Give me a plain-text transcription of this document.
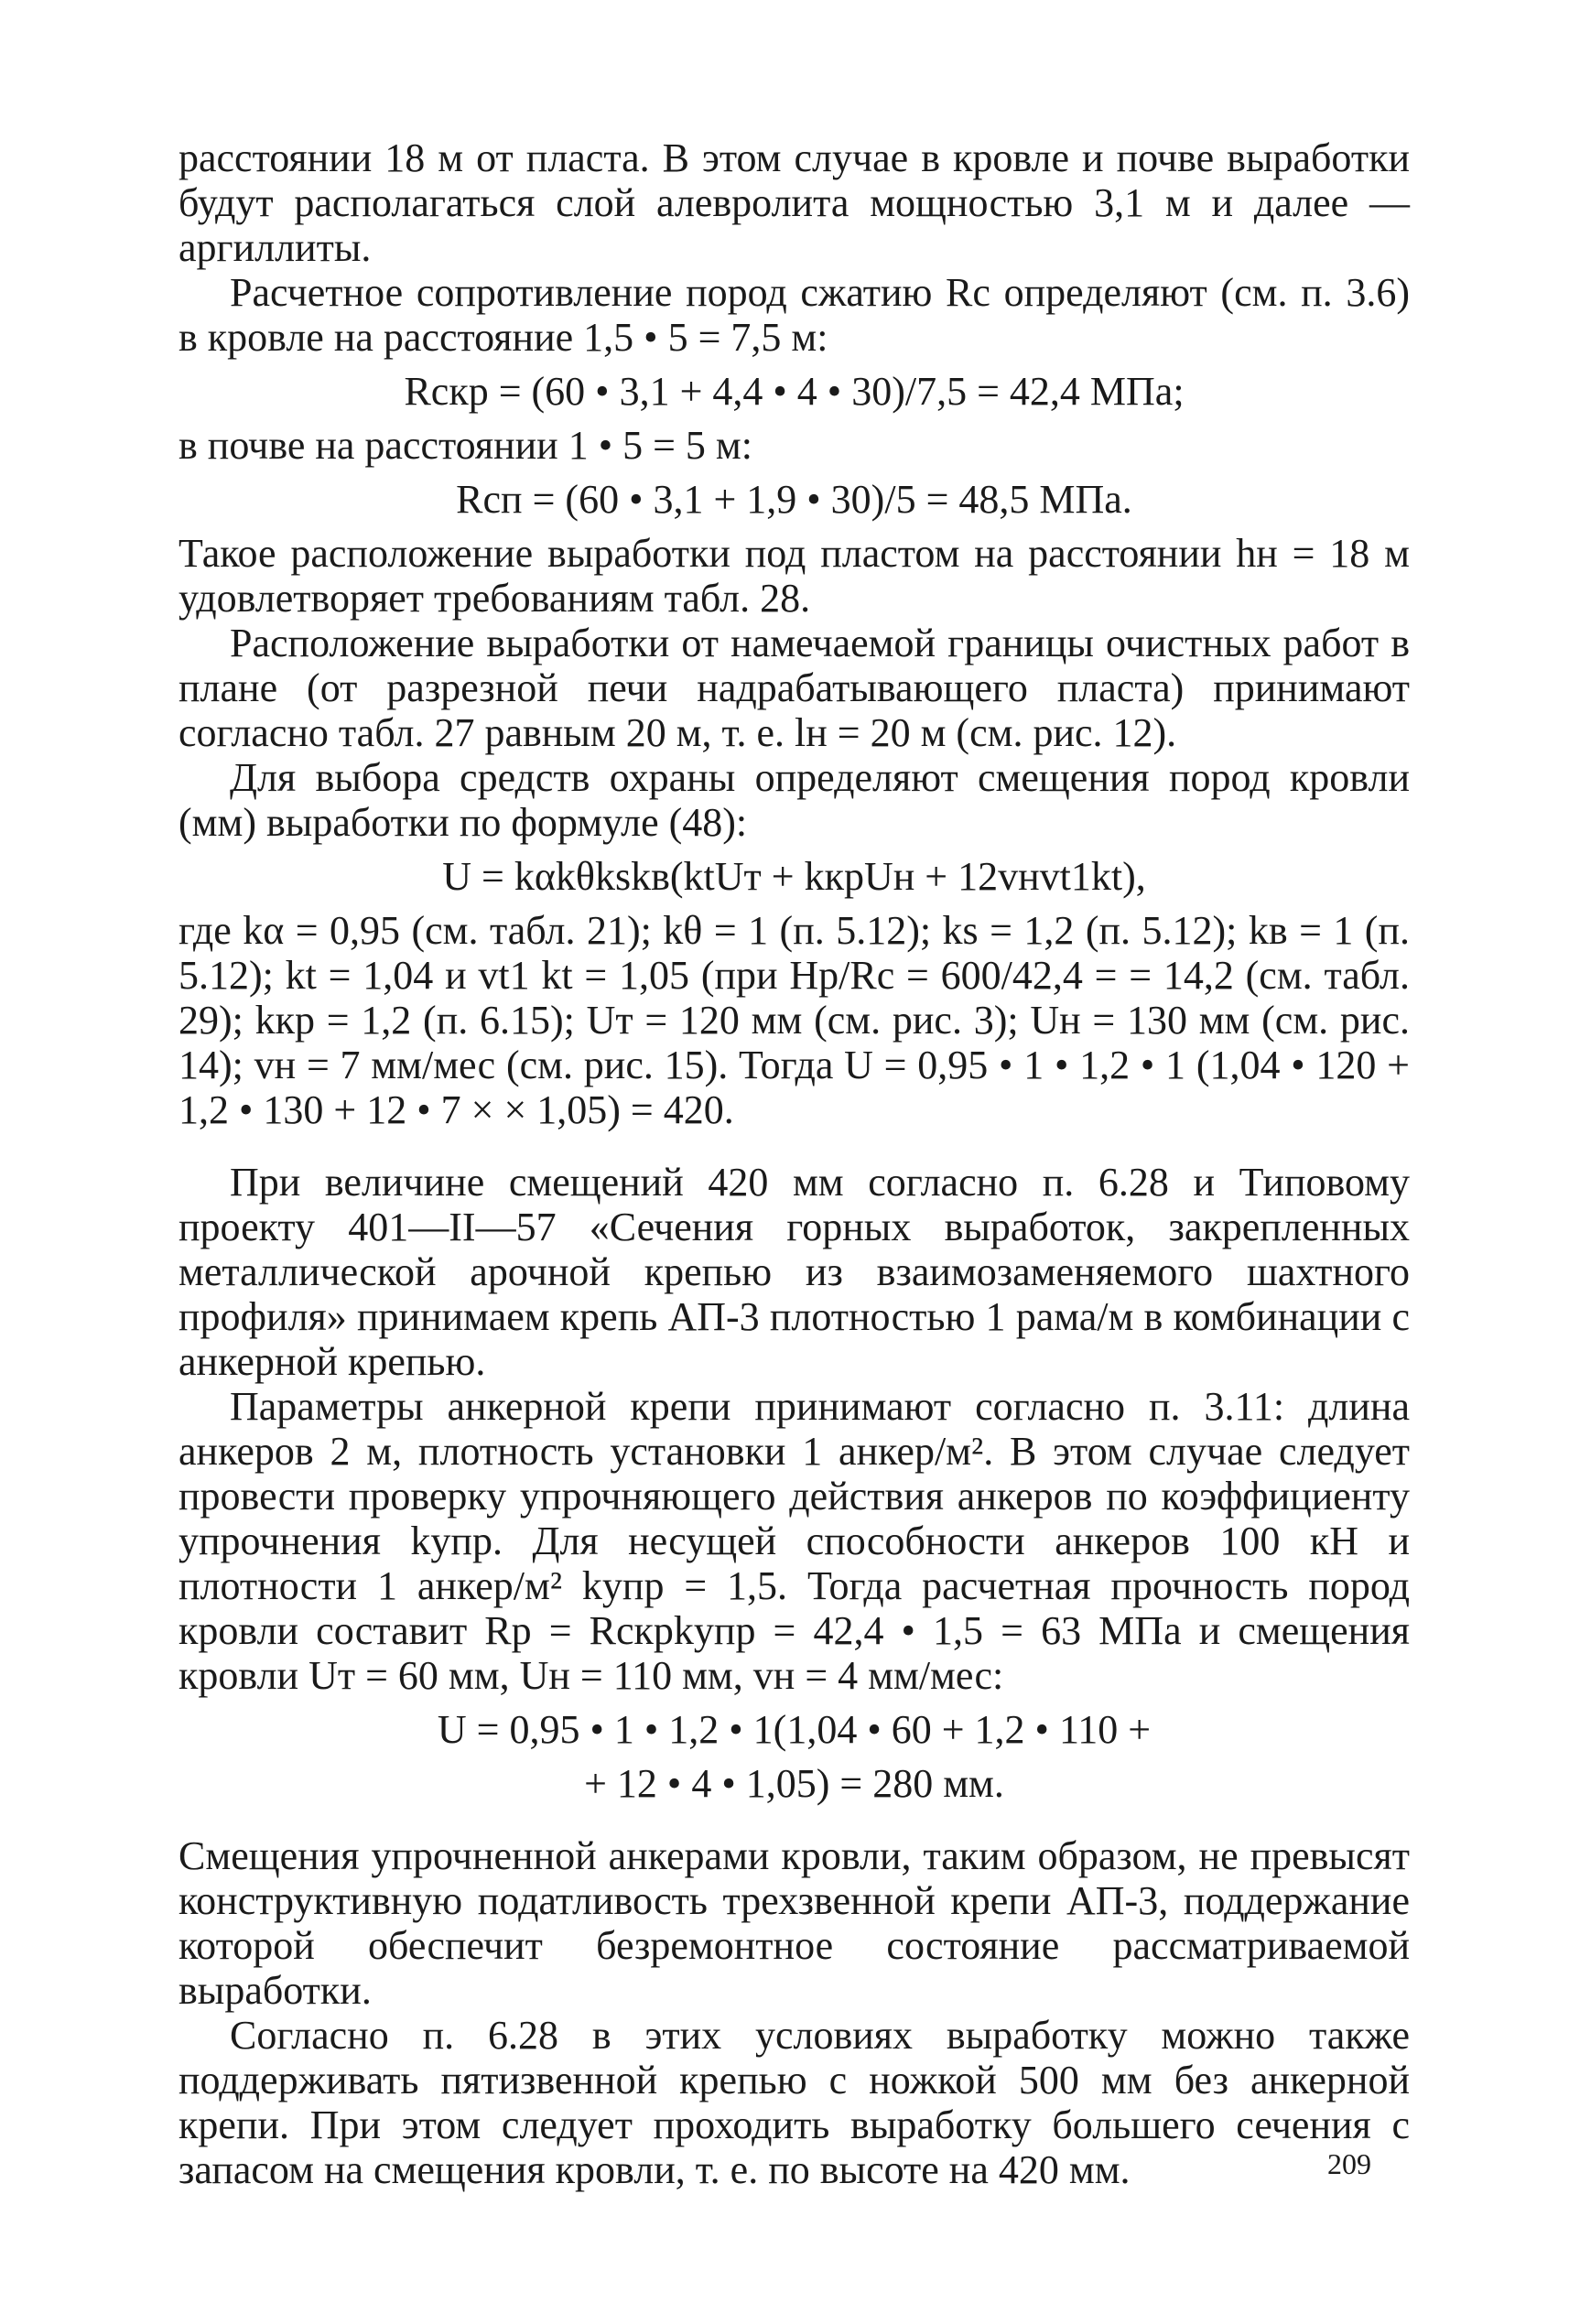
расстоянии 18 м от пласта. В этом случае в кровле и почве выработки будут располагаться слой алевролита мощностью 3,1 м и далее — аргиллиты.

Расчетное сопротивление пород сжатию Rс определяют (см. п. 3.6) в кровле на расстояние 1,5 • 5 = 7,5 м:

Rскр = (60 • 3,1 + 4,4 • 4 • 30)/7,5 = 42,4 МПа;

в почве на расстоянии 1 • 5 = 5 м:

Rсп = (60 • 3,1 + 1,9 • 30)/5 = 48,5 МПа.

Такое расположение выработки под пластом на расстоянии hн = 18 м удовлетворяет требованиям табл. 28.

Расположение выработки от намечаемой границы очистных работ в плане (от разрезной печи надрабатывающего пласта) принимают согласно табл. 27 равным 20 м, т. е. lн = 20 м (см. рис. 12).

Для выбора средств охраны определяют смещения пород кровли (мм) выработки по формуле (48):

U = kαkθkskв(ktUт + kкрUн + 12vнvt1kt),

где kα = 0,95 (см. табл. 21); kθ = 1 (п. 5.12); ks = 1,2 (п. 5.12); kв = 1 (п. 5.12); kt = 1,04 и vt1 kt = 1,05 (при Hр/Rс = 600/42,4 = = 14,2 (см. табл. 29); kкр = 1,2 (п. 6.15); Uт = 120 мм (см. рис. 3); Uн = 130 мм (см. рис. 14); vн = 7 мм/мес (см. рис. 15). Тогда U = 0,95 • 1 • 1,2 • 1 (1,04 • 120 + 1,2 • 130 + 12 • 7 × × 1,05) = 420.

При величине смещений 420 мм согласно п. 6.28 и Типовому проекту 401—II—57 «Сечения горных выработок, закрепленных металлической арочной крепью из взаимозаменяемого шахтного профиля» принимаем крепь АП-3 плотностью 1 рама/м в комбинации с анкерной крепью.

Параметры анкерной крепи принимают согласно п. 3.11: длина анкеров 2 м, плотность установки 1 анкер/м². В этом случае следует провести проверку упрочняющего действия анкеров по коэффициенту упрочнения kупр. Для несущей способности анкеров 100 кН и плотности 1 анкер/м² kупр = 1,5. Тогда расчетная прочность пород кровли составит Rр = Rскрkупр = 42,4 • 1,5 = 63 МПа и смещения кровли Uт = 60 мм, Uн = 110 мм, vн = 4 мм/мес:

U = 0,95 • 1 • 1,2 • 1(1,04 • 60 + 1,2 • 110 +
+ 12 • 4 • 1,05) = 280 мм.

Смещения упрочненной анкерами кровли, таким образом, не превысят конструктивную податливость трехзвенной крепи АП-3, поддержание которой обеспечит безремонтное состояние рассматриваемой выработки.

Согласно п. 6.28 в этих условиях выработку можно также поддерживать пятизвенной крепью с ножкой 500 мм без анкерной крепи. При этом следует проходить выработку большего сечения с запасом на смещения кровли, т. е. по высоте на 420 мм.	209
